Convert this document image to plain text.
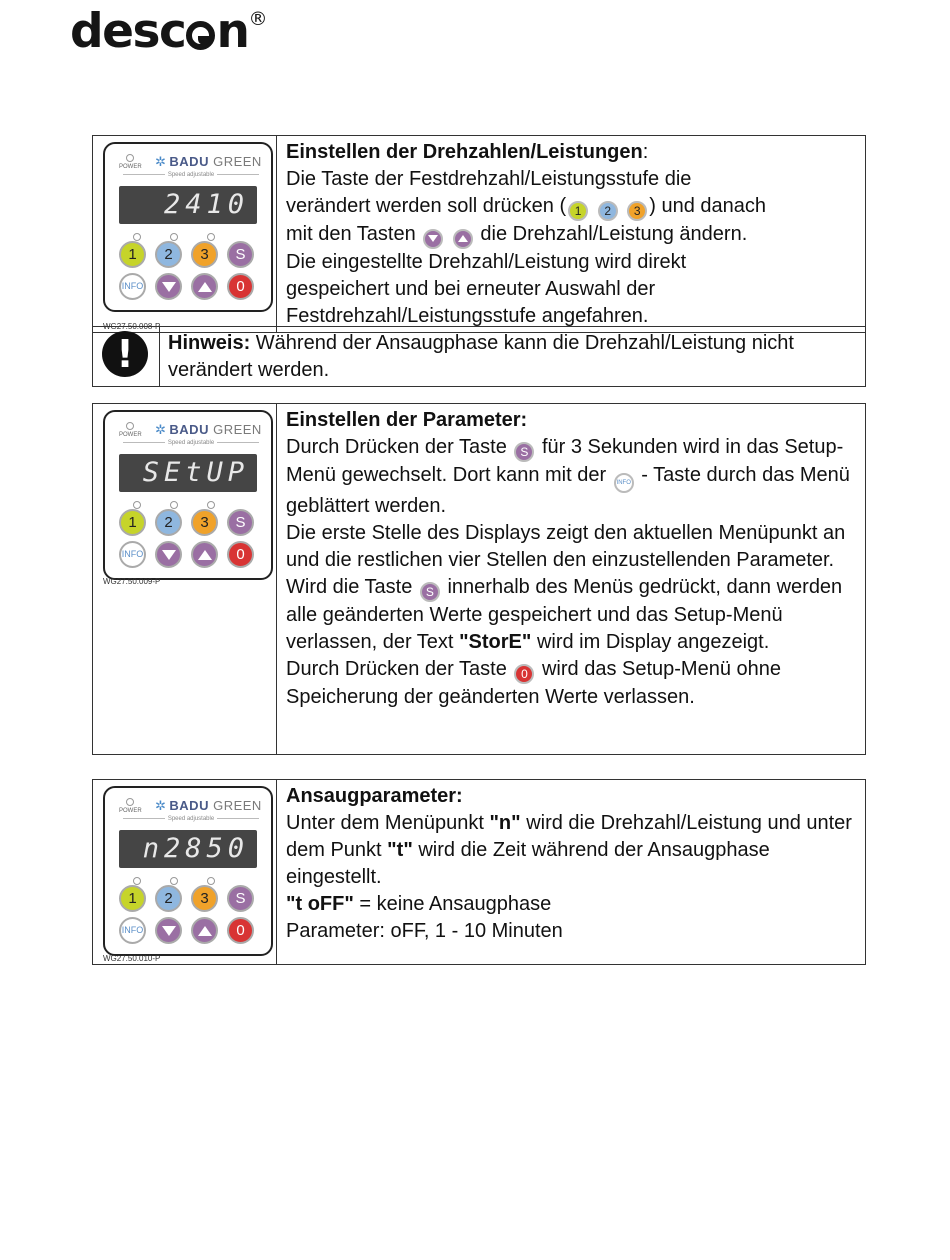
desc n®
POWER ✲ BADU GREEN
Speed adjustable
2410
1	2	3	S
INFO	0
WG27.50.008-P

Einstellen der Drehzahlen/Leistungen:
Die Taste der Festdrehzahl/Leistungsstufe die
verändert werden soll drücken ( 1 2 3 ) und danach
mit den Tasten	die Drehzahl/Leistung ändern.
Die eingestellte Drehzahl/Leistung wird direkt
gespeichert und bei erneuter Auswahl der
Festdrehzahl/Leistungsstufe angefahren.
!	Hinweis: Während der Ansaugphase kann die Drehzahl/Leistung nicht verändert werden.
POWER ✲ BADU GREEN
Speed adjustable
SEtUP
1	2	3	S
INFO	0
WG27.50.009-P

Einstellen der Parameter:
Durch Drücken der Taste S für 3 Sekunden wird in das Setup-Menü gewechselt. Dort kann mit der INFO - Taste durch das Menü geblättert werden.
Die erste Stelle des Displays zeigt den aktuellen Menüpunkt an und die restlichen vier Stellen den einzustellenden Parameter.
Wird die Taste S innerhalb des Menüs gedrückt, dann werden alle geänderten Werte gespeichert und das Setup-Menü verlassen, der Text "StorE" wird im Display angezeigt.
Durch Drücken der Taste 0 wird das Setup-Menü ohne Speicherung der geänderten Werte verlassen.
POWER ✲ BADU GREEN
Speed adjustable
n2850
1	2	3	S
INFO	0
WG27.50.010-P

Ansaugparameter:
Unter dem Menüpunkt "n" wird die Drehzahl/Leistung und unter dem Punkt "t" wird die Zeit während der Ansaugphase eingestellt.
"t oFF" = keine Ansaugphase
Parameter: oFF, 1 - 10 Minuten
